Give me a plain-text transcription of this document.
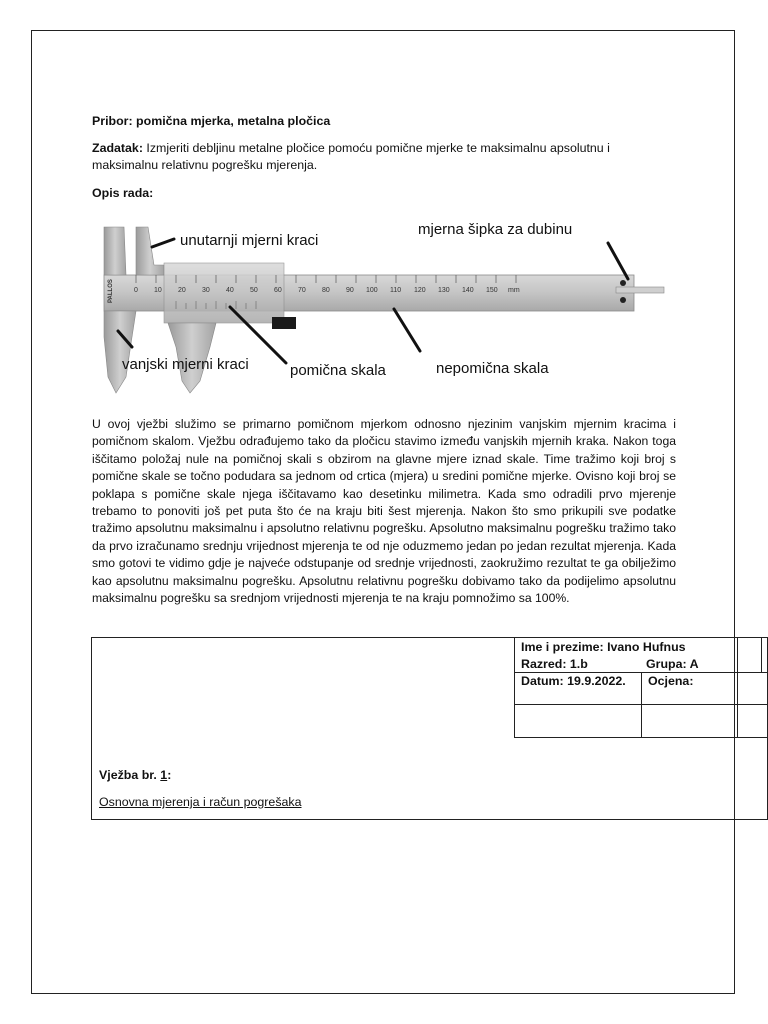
Pribor: pomična mjerka, metalna pločica
Zadatak: Izmjeriti debljinu metalne pločice pomoću pomične mjerke te maksimalnu apsolutnu i
maksimalnu relativnu pogrešku mjerenja.
Opis rada:
0 10 20 30 40 50 60 70 80 90 100 110 120 130 140 150 mm
PALLOS
unutarnji mjerni kraci
mjerna šipka za dubinu
vanjski mjerni kraci	pomična skala	nepomična skala
U ovoj vježbi služimo se primarno pomičnom mjerkom odnosno njezinim vanjskim mjernim kracima i pomičnom skalom. Vježbu odrađujemo tako da pločicu stavimo između vanjskih mjernih kraka. Nakon toga iščitamo položaj nule na pomičnoj skali s obzirom na glavne mjere iznad skale. Time tražimo koji broj s pomične skale se točno podudara sa jednom od crtica (mjera) u sredini pomične mjerke. Ovisno koji broj se poklapa s pomične skale njega iščitavamo kao desetinku milimetra. Kada smo odradili prvo mjerenje trebamo to ponoviti još pet puta što će na kraju biti šest mjerenja. Nakon što smo prikupili sve podatke tražimo apsolutnu maksimalnu i apsolutno relativnu pogrešku. Apsolutno maksimalnu pogrešku tražimo tako da prvo izračunamo srednju vrijednost mjerenja te od nje oduzmemo jedan po jedan rezultat mjerenja. Kada smo gotovi te vidimo gdje je najveće odstupanje od srednje vrijednosti, zaokružimo rezultat te ga obilježimo kao apsolutnu maksimalnu pogrešku. Apsolutnu relativnu pogrešku dobivamo tako da podijelimo apsolutnu maksimalnu pogrešku sa srednjom vrijednosti mjerenja te na kraju pomnožimo sa 100%.
Ime i prezime: Ivano Hufnus
Razred: 1.b	Grupa: A
Datum: 19.9.2022. Ocjena:
Vježba br. 1:
Osnovna mjerenja i račun pogrešaka
